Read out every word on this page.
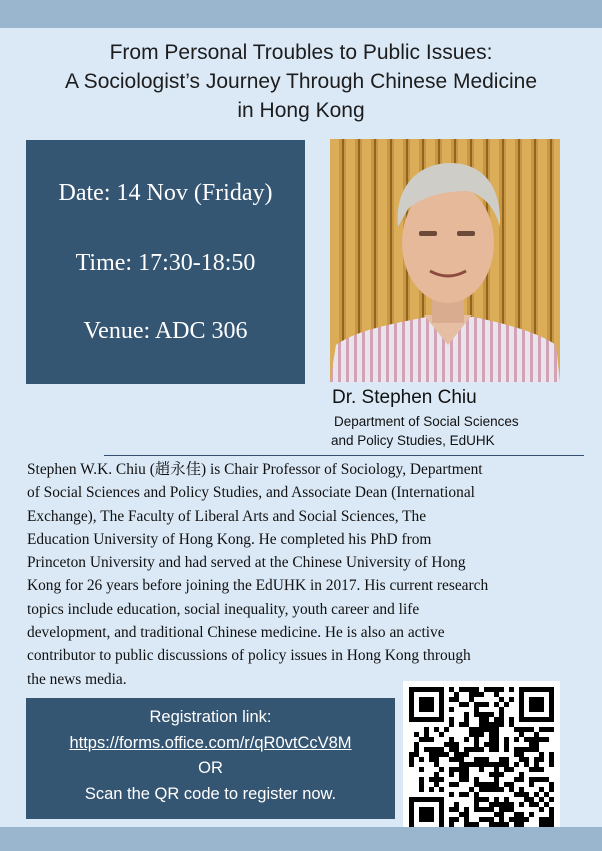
From Personal Troubles to Public Issues:
A Sociologist’s Journey Through Chinese Medicine
in Hong Kong
Date: 14 Nov (Friday)
Time: 17:30-18:50
Venue: ADC 306
Dr. Stephen Chiu
Department of Social Sciences
and Policy Studies, EdUHK
Stephen W.K. Chiu (趙永佳) is Chair Professor of Sociology, Department
of Social Sciences and Policy Studies, and Associate Dean (International
Exchange), The Faculty of Liberal Arts and Social Sciences, The
Education University of Hong Kong. He completed his PhD from
Princeton University and had served at the Chinese University of Hong
Kong for 26 years before joining the EdUHK in 2017. His current research
topics include education, social inequality, youth career and life
development, and traditional Chinese medicine. He is also an active
contributor to public discussions of policy issues in Hong Kong through
the news media.
Registration link:
https://forms.office.com/r/qR0vtCcV8M
OR
Scan the QR code to register now.
